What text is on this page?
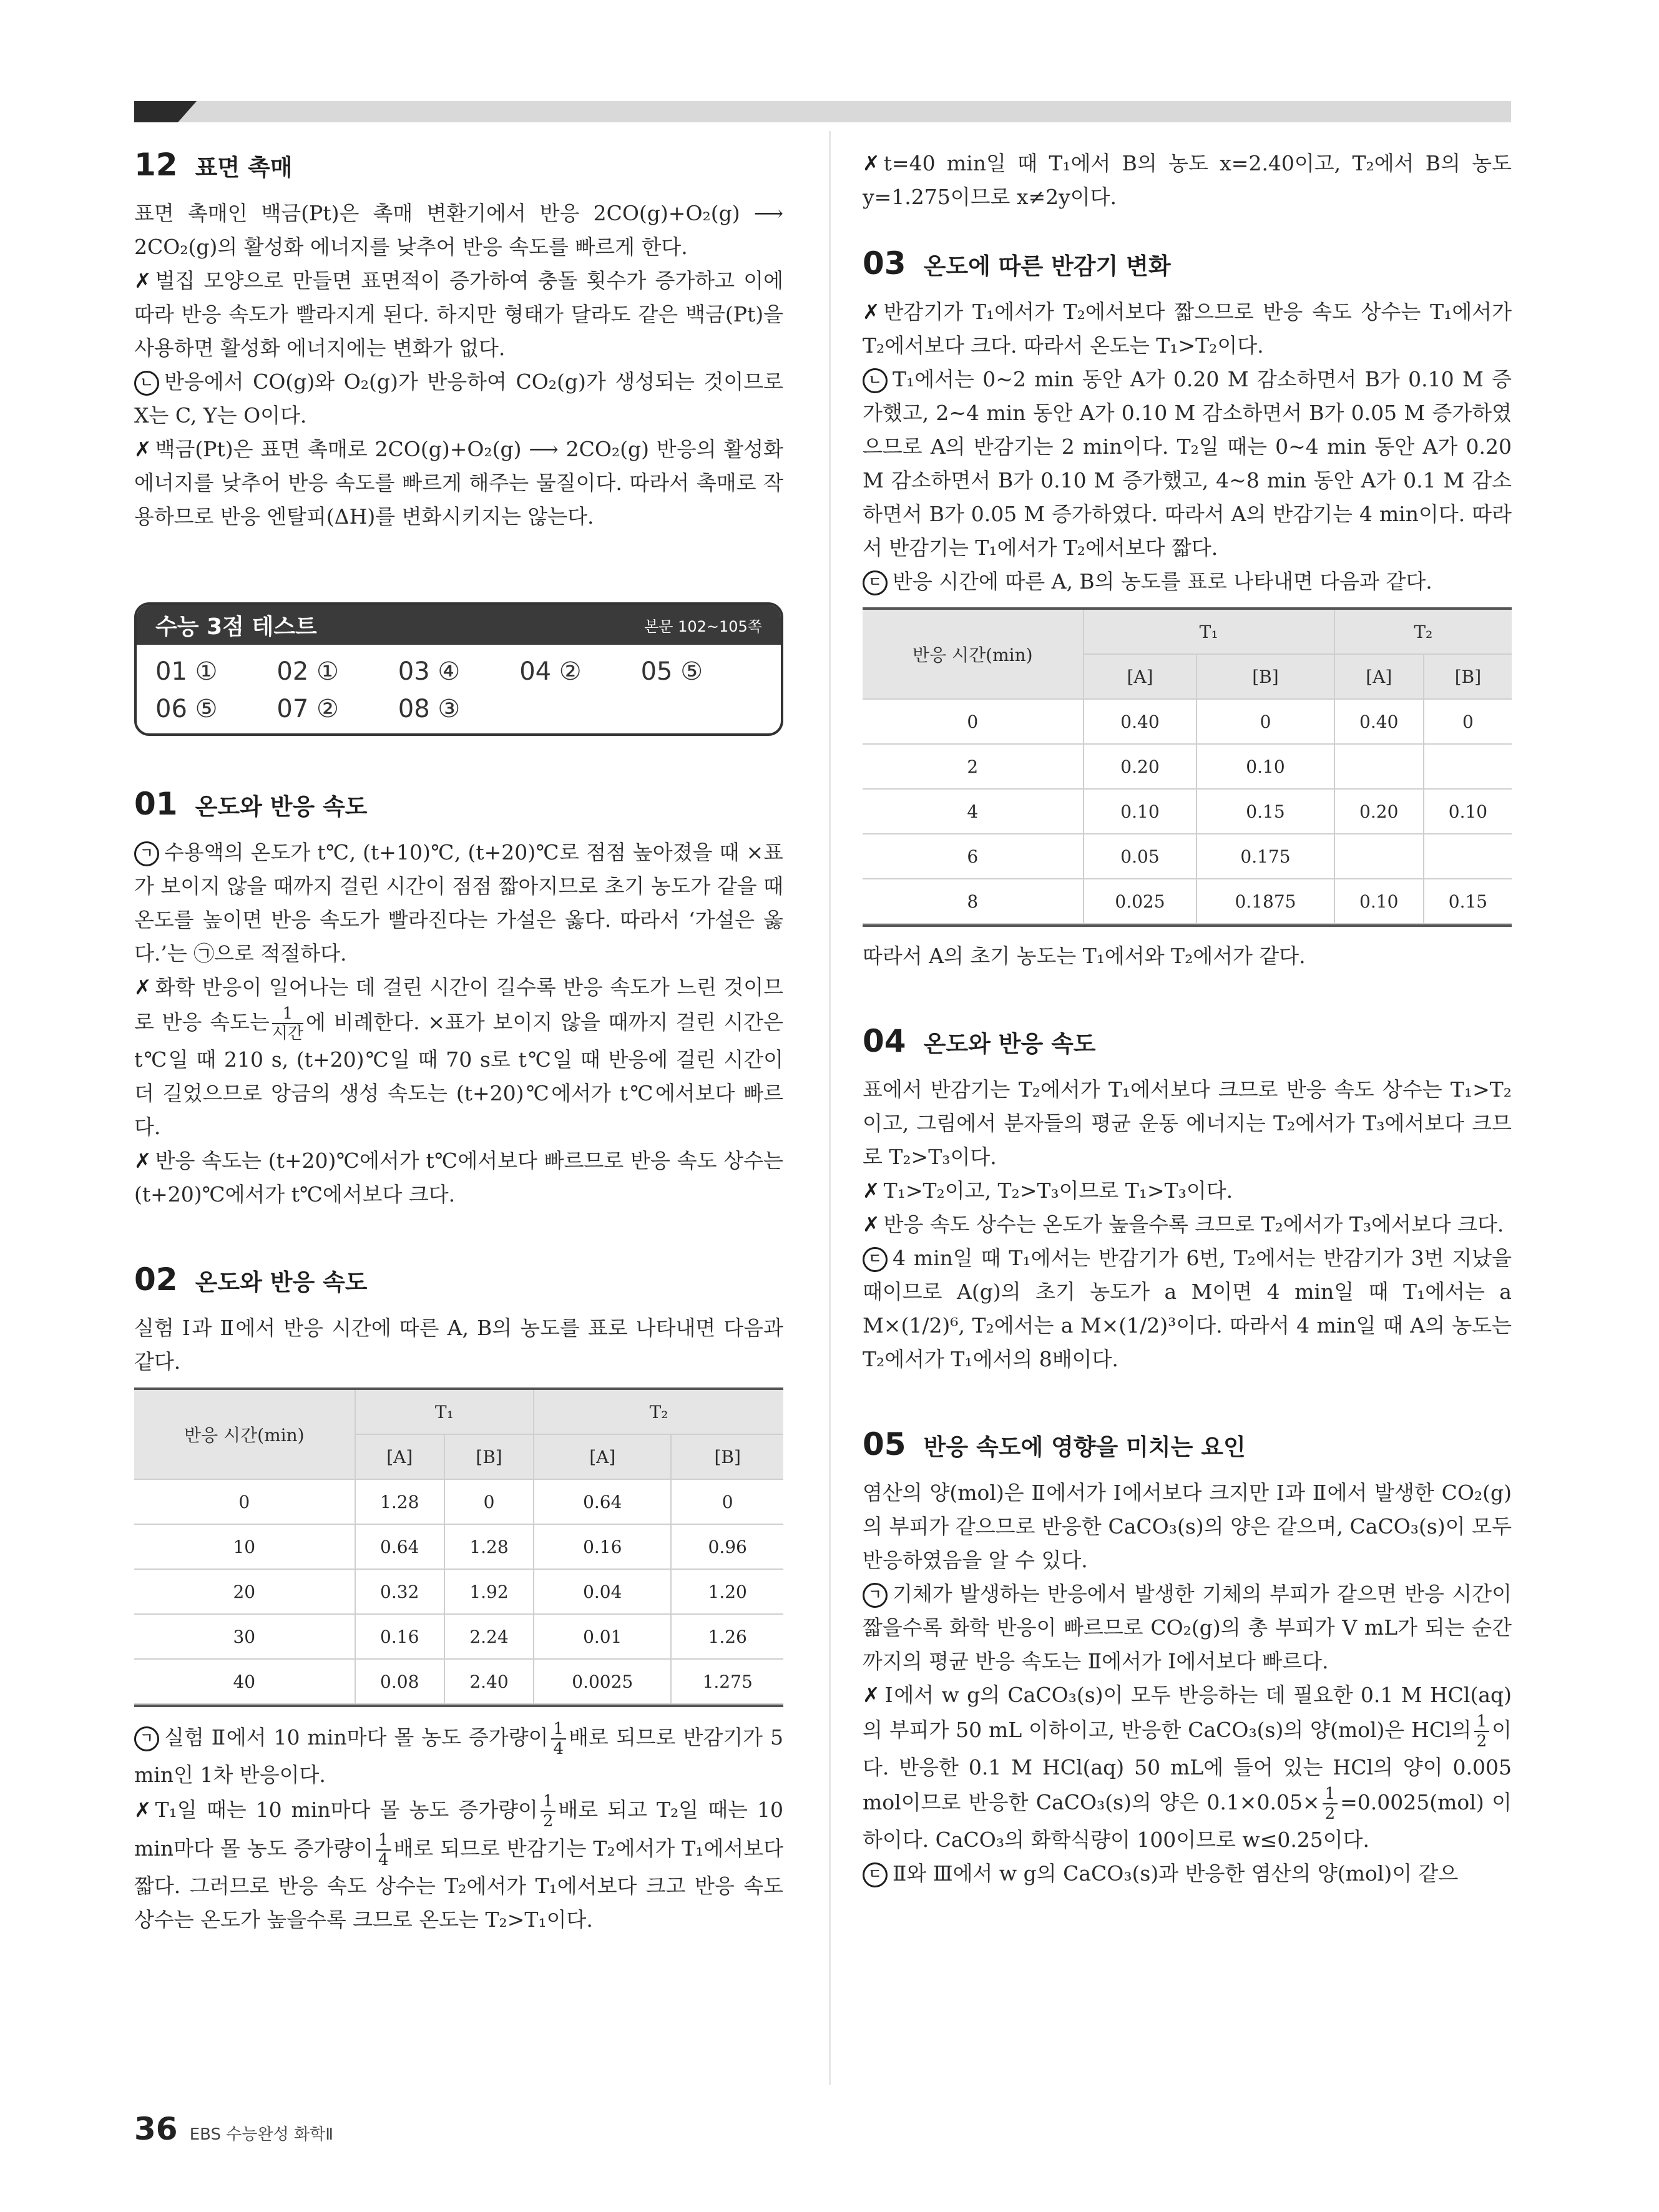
12 표면 촉매

표면 촉매인 백금(Pt)은 촉매 변환기에서 반응 2CO(g)+O₂(g) ⟶ 2CO₂(g)의 활성화 에너지를 낮추어 반응 속도를 빠르게 한다.

✗ 벌집 모양으로 만들면 표면적이 증가하여 충돌 횟수가 증가하고 이에 따라 반응 속도가 빨라지게 된다. 하지만 형태가 달라도 같은 백금(Pt)을 사용하면 활성화 에너지에는 변화가 없다.

ㄴ 반응에서 CO(g)와 O₂(g)가 반응하여 CO₂(g)가 생성되는 것이므로 X는 C, Y는 O이다.

✗ 백금(Pt)은 표면 촉매로 2CO(g)+O₂(g) ⟶ 2CO₂(g) 반응의 활성화 에너지를 낮추어 반응 속도를 빠르게 해주는 물질이다. 따라서 촉매로 작용하므로 반응 엔탈피(ΔH)를 변화시키지는 않는다.

수능 3점 테스트	본문 102~105쪽
01 ①	02 ①	03 ④	04 ②	05 ⑤
06 ⑤	07 ②	08 ③
01 온도와 반응 속도

ㄱ 수용액의 온도가 t℃, (t+10)℃, (t+20)℃로 점점 높아졌을 때 ×표가 보이지 않을 때까지 걸린 시간이 점점 짧아지므로 초기 농도가 같을 때 온도를 높이면 반응 속도가 빨라진다는 가설은 옳다. 따라서 ‘가설은 옳다.’는 ㉠으로 적절하다.

✗ 화학 반응이 일어나는 데 걸린 시간이 길수록 반응 속도가 느린 것이므로 반응 속도는 $\frac{1}{\text{시간}}$ 에 비례한다. ×표가 보이지 않을 때까지 걸린 시간은 t℃일 때 210 s, (t+20)℃일 때 70 s로 t℃일 때 반응에 걸린 시간이 더 길었으므로 앙금의 생성 속도는 (t+20)℃에서가 t℃에서보다 빠르다.

✗ 반응 속도는 (t+20)℃에서가 t℃에서보다 빠르므로 반응 속도 상수는 (t+20)℃에서가 t℃에서보다 크다.

02 온도와 반응 속도

실험 Ⅰ과 Ⅱ에서 반응 시간에 따른 A, B의 농도를 표로 나타내면 다음과 같다.

반응 시간(min)	T₁		T₂	
	[A]	[B]	[A]	[B]
0	1.28	0	0.64	0
10	0.64	1.28	0.16	0.96
20	0.32	1.92	0.04	1.20
30	0.16	2.24	0.01	1.26
40	0.08	2.40	0.0025	1.275

ㄱ 실험 Ⅱ에서 10 min마다 몰 농도 증가량이 $\frac{1}{4}$ 배로 되므로 반감기가 5 min인 1차 반응이다.

✗ T₁일 때는 10 min마다 몰 농도 증가량이 $\frac{1}{2}$ 배로 되고 T₂일 때는 10 min마다 몰 농도 증가량이 $\frac{1}{4}$ 배로 되므로 반감기는 T₂에서가 T₁에서보다 짧다. 그러므로 반응 속도 상수는 T₂에서가 T₁에서보다 크고 반응 속도 상수는 온도가 높을수록 크므로 온도는 T₂>T₁이다.

✗ t=40 min일 때 T₁에서 B의 농도 x=2.40이고, T₂에서 B의 농도 y=1.275이므로 x≠2y이다.

03 온도에 따른 반감기 변화

✗ 반감기가 T₁에서가 T₂에서보다 짧으므로 반응 속도 상수는 T₁에서가 T₂에서보다 크다. 따라서 온도는 T₁>T₂이다.

ㄴ T₁에서는 0~2 min 동안 A가 0.20 M 감소하면서 B가 0.10 M 증가했고, 2~4 min 동안 A가 0.10 M 감소하면서 B가 0.05 M 증가하였으므로 A의 반감기는 2 min이다. T₂일 때는 0~4 min 동안 A가 0.20 M 감소하면서 B가 0.10 M 증가했고, 4~8 min 동안 A가 0.1 M 감소하면서 B가 0.05 M 증가하였다. 따라서 A의 반감기는 4 min이다. 따라서 반감기는 T₁에서가 T₂에서보다 짧다.

ㄷ 반응 시간에 따른 A, B의 농도를 표로 나타내면 다음과 같다.

반응 시간(min)	T₁		T₂	
	[A]	[B]	[A]	[B]
0	0.40	0	0.40	0
2	0.20	0.10		
4	0.10	0.15	0.20	0.10
6	0.05	0.175		
8	0.025	0.1875	0.10	0.15

따라서 A의 초기 농도는 T₁에서와 T₂에서가 같다.

04 온도와 반응 속도

표에서 반감기는 T₂에서가 T₁에서보다 크므로 반응 속도 상수는 T₁>T₂이고, 그림에서 분자들의 평균 운동 에너지는 T₂에서가 T₃에서보다 크므로 T₂>T₃이다.

✗ T₁>T₂이고, T₂>T₃이므로 T₁>T₃이다.

✗ 반응 속도 상수는 온도가 높을수록 크므로 T₂에서가 T₃에서보다 크다.

ㄷ 4 min일 때 T₁에서는 반감기가 6번, T₂에서는 반감기가 3번 지났을 때이므로 A(g)의 초기 농도가 a M이면 4 min일 때 T₁에서는 a M×(1/2)⁶, T₂에서는 a M×(1/2)³이다. 따라서 4 min일 때 A의 농도는 T₂에서가 T₁에서의 8배이다.

05 반응 속도에 영향을 미치는 요인

염산의 양(mol)은 Ⅱ에서가 Ⅰ에서보다 크지만 Ⅰ과 Ⅱ에서 발생한 CO₂(g)의 부피가 같으므로 반응한 CaCO₃(s)의 양은 같으며, CaCO₃(s)이 모두 반응하였음을 알 수 있다.

ㄱ 기체가 발생하는 반응에서 발생한 기체의 부피가 같으면 반응 시간이 짧을수록 화학 반응이 빠르므로 CO₂(g)의 총 부피가 V mL가 되는 순간까지의 평균 반응 속도는 Ⅱ에서가 Ⅰ에서보다 빠르다.

✗ Ⅰ에서 w g의 CaCO₃(s)이 모두 반응하는 데 필요한 0.1 M HCl(aq)의 부피가 50 mL 이하이고, 반응한 CaCO₃(s)의 양(mol)은 HCl의 $\frac{1}{2}$ 이다. 반응한 0.1 M HCl(aq) 50 mL에 들어 있는 HCl의 양이 0.005 mol이므로 반응한 CaCO₃(s)의 양은 $0.1\times 0.05\times \frac{1}{2} =0.0025(mol)$ 이하이다. CaCO₃의 화학식량이 100이므로 w≤0.25이다.

ㄷ Ⅱ와 Ⅲ에서 w g의 CaCO₃(s)과 반응한 염산의 양(mol)이 같으

36 EBS 수능완성 화학Ⅱ
